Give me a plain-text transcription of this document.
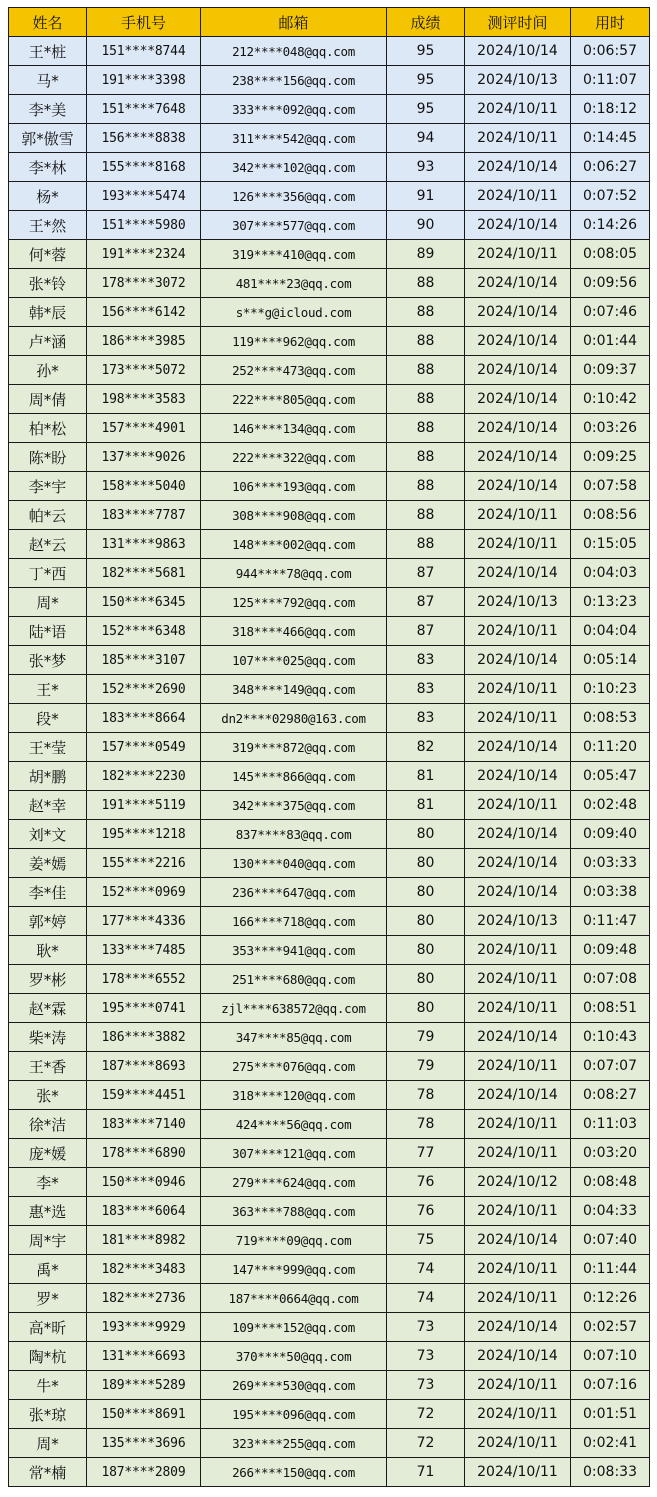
姓名	手机号	邮箱	成绩	测评时间	用时
王*桩	151****8744	212****048@qq.com	95	2024/10/14	0:06:57
马*	191****3398	238****156@qq.com	95	2024/10/13	0:11:07
李*美	151****7648	333****092@qq.com	95	2024/10/11	0:18:12
郭*傲雪	156****8838	311****542@qq.com	94	2024/10/11	0:14:45
李*林	155****8168	342****102@qq.com	93	2024/10/14	0:06:27
杨*	193****5474	126****356@qq.com	91	2024/10/11	0:07:52
王*然	151****5980	307****577@qq.com	90	2024/10/14	0:14:26
何*蓉	191****2324	319****410@qq.com	89	2024/10/11	0:08:05
张*铃	178****3072	481****23@qq.com	88	2024/10/14	0:09:56
韩*辰	156****6142	s***g@icloud.com	88	2024/10/14	0:07:46
卢*涵	186****3985	119****962@qq.com	88	2024/10/14	0:01:44
孙*	173****5072	252****473@qq.com	88	2024/10/14	0:09:37
周*倩	198****3583	222****805@qq.com	88	2024/10/14	0:10:42
柏*松	157****4901	146****134@qq.com	88	2024/10/14	0:03:26
陈*盼	137****9026	222****322@qq.com	88	2024/10/14	0:09:25
李*宇	158****5040	106****193@qq.com	88	2024/10/14	0:07:58
帕*云	183****7787	308****908@qq.com	88	2024/10/11	0:08:56
赵*云	131****9863	148****002@qq.com	88	2024/10/11	0:15:05
丁*西	182****5681	944****78@qq.com	87	2024/10/14	0:04:03
周*	150****6345	125****792@qq.com	87	2024/10/13	0:13:23
陆*语	152****6348	318****466@qq.com	87	2024/10/11	0:04:04
张*梦	185****3107	107****025@qq.com	83	2024/10/14	0:05:14
王*	152****2690	348****149@qq.com	83	2024/10/11	0:10:23
段*	183****8664	dn2****02980@163.com	83	2024/10/11	0:08:53
王*莹	157****0549	319****872@qq.com	82	2024/10/14	0:11:20
胡*鹏	182****2230	145****866@qq.com	81	2024/10/14	0:05:47
赵*幸	191****5119	342****375@qq.com	81	2024/10/11	0:02:48
刘*文	195****1218	837****83@qq.com	80	2024/10/14	0:09:40
姜*嫣	155****2216	130****040@qq.com	80	2024/10/14	0:03:33
李*佳	152****0969	236****647@qq.com	80	2024/10/14	0:03:38
郭*婷	177****4336	166****718@qq.com	80	2024/10/13	0:11:47
耿*	133****7485	353****941@qq.com	80	2024/10/11	0:09:48
罗*彬	178****6552	251****680@qq.com	80	2024/10/11	0:07:08
赵*霖	195****0741	zjl****638572@qq.com	80	2024/10/11	0:08:51
柴*涛	186****3882	347****85@qq.com	79	2024/10/14	0:10:43
王*香	187****8693	275****076@qq.com	79	2024/10/11	0:07:07
张*	159****4451	318****120@qq.com	78	2024/10/14	0:08:27
徐*洁	183****7140	424****56@qq.com	78	2024/10/11	0:11:03
庞*媛	178****6890	307****121@qq.com	77	2024/10/11	0:03:20
李*	150****0946	279****624@qq.com	76	2024/10/12	0:08:48
惠*选	183****6064	363****788@qq.com	76	2024/10/11	0:04:33
周*宇	181****8982	719****09@qq.com	75	2024/10/14	0:07:40
禹*	182****3483	147****999@qq.com	74	2024/10/11	0:11:44
罗*	182****2736	187****0664@qq.com	74	2024/10/11	0:12:26
高*昕	193****9929	109****152@qq.com	73	2024/10/14	0:02:57
陶*杭	131****6693	370****50@qq.com	73	2024/10/14	0:07:10
牛*	189****5289	269****530@qq.com	73	2024/10/11	0:07:16
张*琼	150****8691	195****096@qq.com	72	2024/10/11	0:01:51
周*	135****3696	323****255@qq.com	72	2024/10/11	0:02:41
常*楠	187****2809	266****150@qq.com	71	2024/10/11	0:08:33
